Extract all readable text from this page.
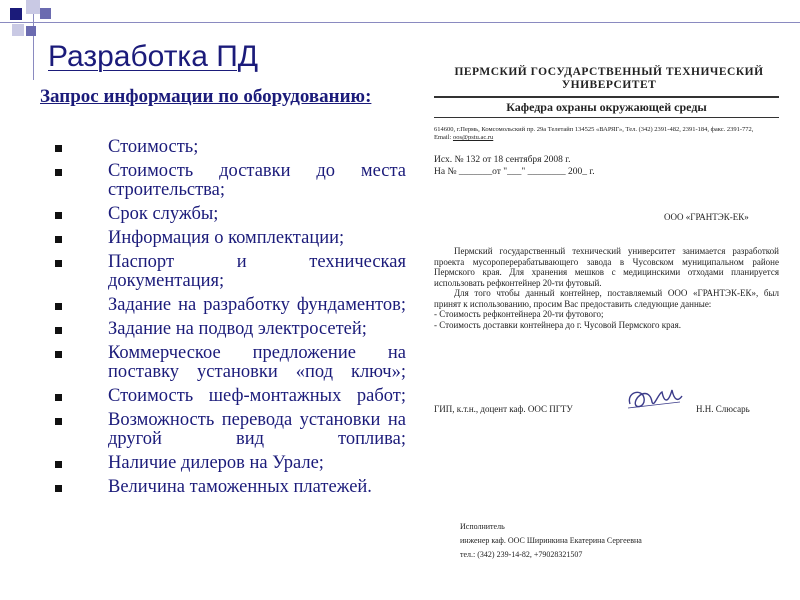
Разработка ПД
Запрос информации по оборудованию:
Стоимость;
Стоимость доставки до места строительства;
Срок службы;
Информация о комплектации;
Паспорт и техническая документация;
Задание на разработку фундаментов;
Задание на подвод электросетей;
Коммерческое предложение на поставку установки «под ключ»;
Стоимость шеф-монтажных работ;
Возможность перевода установки на другой вид топлива;
Наличие дилеров на Урале;
Величина таможенных платежей.
ПЕРМСКИЙ ГОСУДАРСТВЕННЫЙ ТЕХНИЧЕСКИЙ УНИВЕРСИТЕТ
Кафедра охраны окружающей среды
614600, г.Пермь, Комсомольский пр. 29а Телетайп 134525 «ВАРЯГ», Тел. (342) 2391-482, 2391-184, факс. 2391-772,
Email: oos@pstu.ac.ru
Исх. № 132 от 18 сентября 2008 г.
На № _______от "___" ________ 200_ г.
ООО «ГРАНТЭК-ЕК»

Пермский государственный технический университет занимается разработкой проекта мусороперерабатывающего завода в Чусовском муниципальном районе Пермского края. Для хранения мешков с медицинскими отходами планируется использовать рефконтейнер 20-ти футовый.

Для того чтобы данный контейнер, поставляемый ООО «ГРАНТЭК-ЕК», был принят к использованию, просим Вас предоставить следующие данные:

- Стоимость рефконтейнера 20-ти футового;

- Стоимость доставки контейнера до г. Чусовой Пермского края.

ГИП, к.т.н., доцент каф. ООС ПГТУ	Н.Н. Слюсарь
Исполнитель
инженер каф. ООС Ширинкина Екатерина Сергеевна
тел.: (342) 239-14-82, +79028321507
